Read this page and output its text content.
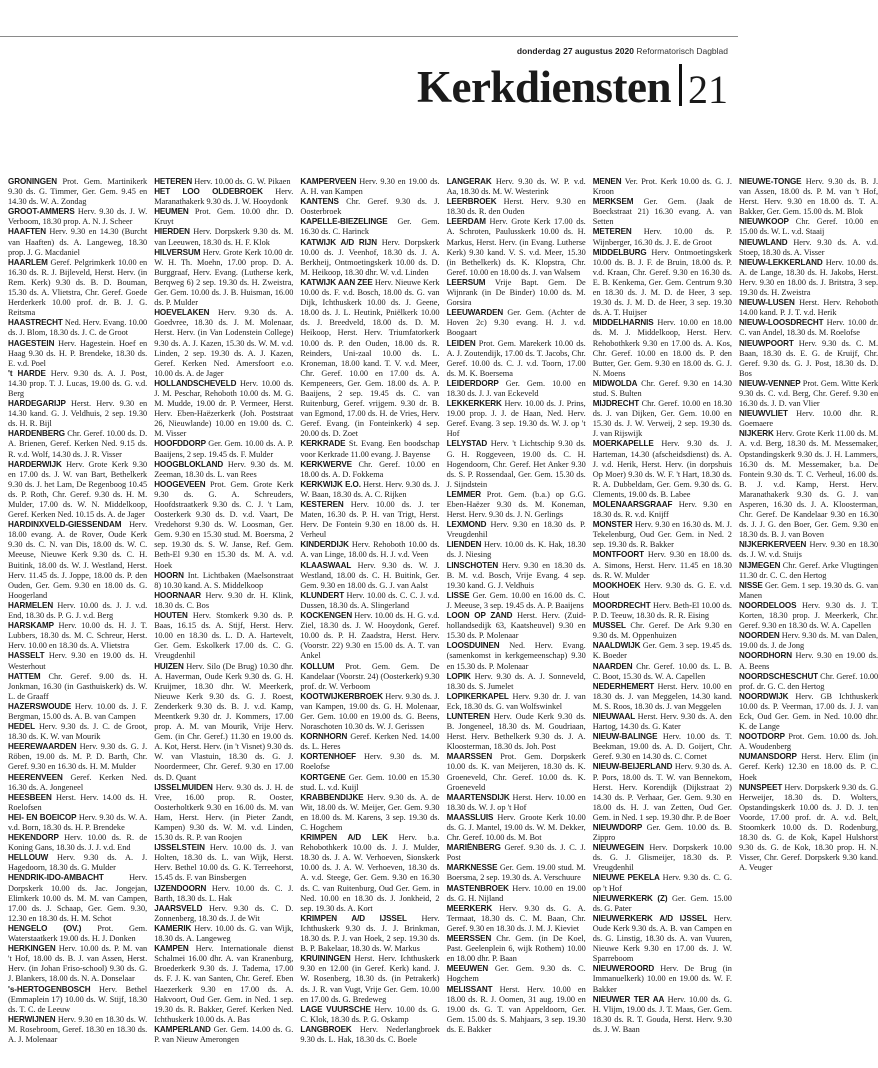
donderdag 27 augustus 2020 Reformatorisch Dagblad
Kerkdiensten 21

GRONINGEN Prot. Gem. Martinikerk 9.30 ds. G. Timmer, Ger. Gem. 9.45 en 14.30 ds. W. A. Zondag

GROOT-AMMERS Herv. 9.30 ds. J. W. Verboom, 18.30 prop. A. N. J. Scheer

HAAFTEN Herv. 9.30 en 14.30 (Burcht van Haaften) ds. A. Langeweg, 18.30 prop. J. G. Macdaniel

HAARLEM Geref. Pelgrimkerk 10.00 en 16.30 ds. R. J. Bijleveld, Herst. Herv. (in Rem. Kerk) 9.30 ds. B. D. Bouman, 15.30 ds. A. Vlietstra, Chr. Geref. Goede Herderkerk 10.00 prof. dr. B. J. G. Reitsma

HAASTRECHT Ned. Herv. Evang. 10.00 ds. J. Blom, 18.30 ds. J. C. de Groot

HAGESTEIN Herv. Hagestein. Hoef en Haag 9.30 ds. H. P. Brendeke, 18.30 ds. E. v.d. Poel

't HARDE Herv. 9.30 ds. A. J. Post, 14.30 prop. T. J. Lucas, 19.00 ds. G. v.d. Berg

HARDEGARIJP Herst. Herv. 9.30 en 14.30 kand. G. J. Veldhuis, 2 sep. 19.30 ds. H. R. Bijl

HARDENBERG Chr. Geref. 10.00 ds. D. A. Brienen, Geref. Kerken Ned. 9.15 ds. R. v.d. Wolf, 14.30 ds. J. R. Visser

HARDERWIJK Herv. Grote Kerk 9.30 en 17.00 ds. J. W. van Bart, Bethelkerk 9.30 ds. J. het Lam, De Regenboog 10.45 ds. P. Roth, Chr. Geref. 9.30 ds. H. M. Mulder, 17.00 ds. W. N. Middelkoop, Geref. Kerken Ned. 10.15 ds. A. de Jager

HARDINXVELD-GIESSENDAM Herv. 18.00 evang. A. de Rover, Oude Kerk 9.30 ds. C. N. van Dis, 18.00 ds. W. C. Meeuse, Nieuwe Kerk 9.30 ds. C. H. Buitink, 18.00 ds. W. J. Westland, Herst. Herv. 11.45 ds. J. Joppe, 18.00 ds. P. den Ouden, Ger. Gem. 9.30 en 18.00 ds. G. Hoogerland

HARMELEN Herv. 10.00 ds. J. J. v.d. End, 18.30 ds. P. G. J. v.d. Berg

HARSKAMP Herv. 10.00 ds. H. J. T. Lubbers, 18.30 ds. M. C. Schreur, Herst. Herv. 10.00 en 18.30 ds. A. Vlietstra

HASSELT Herv. 9.30 en 19.00 ds. H. Westerhout

HATTEM Chr. Geref. 9.00 ds. H. Jonkman, 16.30 (in Gasthuiskerk) ds. W. L. de Graaff

HAZERSWOUDE Herv. 10.00 ds. J. F. Bergman, 15.00 ds. A. B. van Campen

HEDEL Herv. 9.30 ds. J. C. de Groot, 18.30 ds. K. W. van Mourik

HEEREWAARDEN Herv. 9.30 ds. G. J. Röben, 19.00 ds. M. P. D. Barth, Chr. Geref. 9.30 en 16.30 ds. H. M. Mulder

HEERENVEEN Geref. Kerken Ned. 16.30 ds. A. Jongeneel

HEESBEEN Herst. Herv. 14.00 ds. H. Roelofsen

HEI- EN BOEICOP Herv. 9.30 ds. W. A. v.d. Born, 18.30 ds. H. P. Brendeke

HEKENDORP Herv. 10.00 ds. R. de Koning Gans, 18.30 ds. J. J. v.d. End

HELLOUW Herv. 9.30 ds. A. J. Hagedoorn, 18.30 ds. G. Mulder

HENDRIK-IDO-AMBACHT	Herv. Dorpskerk 10.00 ds. Jac. Jongejan, Elimkerk 10.00 ds. M. M. van Campen, 17.00 ds. J. Schaap, Ger. Gem. 9.30, 12.30 en 18.30 ds. H. M. Schot

HENGELO (OV.) Prot. Gem. Waterstaatkerk 19.00 ds. H. J. Donken

HERKINGEN Herv. 10.00 ds. P. M. van 't Hof, 18.00 ds. B. J. van Assen, Herst. Herv. (in Johan Friso-school) 9.30 ds. G. J. Blankers, 18.00 ds. N. A. Donselaar

's-HERTOGENBOSCH Herv. Bethel (Emmaplein 17) 10.00 ds. W. Stijf, 18.30 ds. T. C. de Leeuw

HERWIJNEN Herv. 9.30 en 18.30 ds. W. M. Rosebroom, Geref. 18.30 en 18.30 ds. A. J. Molenaar

HETEREN Herv. 10.00 ds. G. W. Pikaen

HET LOO OLDEBROEK Herv. Maranathakerk 9.30 ds. J. W. Hooydonk

HEUMEN Prot. Gem. 10.00 dhr. D. Kruyt

HIERDEN Herv. Dorpskerk 9.30 ds. M. van Leeuwen, 18.30 ds. H. F. Klok

HILVERSUM Herv. Grote Kerk 10.00 dr. W. H. Th. Moehn, 17.00 prop. D. A. Burggraaf, Herv. Evang. (Lutherse kerk, Berqweg 6) 2 sep. 19.30 ds. H. Zweistra, Ger. Gem. 10.00 ds. J. B. Huisman, 16.00 ds. P. Mulder

HOEVELAKEN Herv. 9.30 ds. A. Goedvree, 18.30 ds. J. M. Molenaar, Herst. Herv. (in Van Lodenstein College) 9.30 ds. A. J. Kazen, 15.30 ds. W. M. v.d. Linden, 2 sep. 19.30 ds. A. J. Kazen, Geref. Kerken Ned. Amersfoort e.o. 10.00 ds. A. de Jager

HOLLANDSCHEVELD Herv. 10.00 ds. J. M. Peschar, Rehoboth 10.00 ds. M. G. M. Mudde, 19.00 dr. P. Vermeer, Herst. Herv. Eben-Haëzerkerk (Joh. Poststraat 26, Nieuwlande) 10.00 en 19.00 ds. C. M. Visser

HOOFDDORP Ger. Gem. 10.00 ds. A. P. Baaijens, 2 sep. 19.45 ds. F. Mulder

HOOGBLOKLAND Herv. 9.30 ds. M. Zeeman, 18.30 ds. L. van Rees

HOOGEVEEN Prot. Gem. Grote Kerk 9.30 ds. G. A. Schreuders, Hoofdstraatkerk 9.30 ds. C. J. 't Lam, Oosterkerk 9.30 ds. D. v.d. Vaart, De Vredehorst 9.30 ds. W. Loosman, Ger. Gem. 9.30 en 15.30 stud. M. Boersma, 2 sep. 19.30 ds. S. W. Janse, Ref. Gem. Beth-El 9.30 en 15.30 ds. M. A. v.d. Hoek

HOORN Int. Lichtbaken (Maelsonstraat 8) 10.30 kand. A. S. Middelkoop

HOORNAAR Herv. 9.30 dr. H. Klink, 18.30 ds. C. Bos

HOUTEN Herv. Stomkerk 9.30 ds. P. Baas, 16.15 ds. A. Stijf, Herst. Herv. 10.00 en 18.30 ds. L. D. A. Hartevelt, Ger. Gem. Eskolkerk 17.00 ds. C. G. Vreugdenhil

HUIZEN Herv. Silo (De Brug) 10.30 dhr. A. Haverman, Oude Kerk 9.30 ds. G. H. Kruijmer, 18.30 dhr. W. Meerkerk, Nieuwe Kerk 9.30 ds. G. J. Roest, Zenderkerk 9.30 ds. B. J. v.d. Kamp, Meentkerk 9.30 dr. J. Kommers, 17.00 prop. A. M. van Mourik, Vrije Herv. Gem. (in Chr. Geref.) 11.30 en 19.00 ds. A. Kot, Herst. Herv. (in 't Visnet) 9.30 ds. W. van Vlastuin, 18.30 ds. G. J. Noordermeer, Chr. Geref. 9.30 en 17.00 ds. D. Quant

IJSSELMUIDEN Herv. 9.30 ds. J. H. de Vree, 16.00 prop. R. Ooster, Oosterholtkerk 9.30 en 16.00 ds. M. van Ham, Herst. Herv. (in Pieter Zandt, Kampen) 9.30 ds. W. M. v.d. Linden, 15.30 ds. R. P. van Roojen

IJSSELSTEIN Herv. 10.00 ds. J. van Holten, 18.30 ds. L. van Wijk, Herst. Herv. Bethel 10.00 ds. G. K. Terreehorst, 15.45 ds. F. van Binsbergen

IJZENDOORN Herv. 10.00 ds. C. J. Barth, 18.30 ds. L. Hak

JAARSVELD Herv. 9.30 ds. C. D. Zonnenberg, 18.30 ds. J. de Wit

KAMERIK Herv. 10.00 ds. G. van Wijk, 18.30 ds. A. Langeweg

KAMPEN Herv. Internationale dienst Schalmei 16.00 dhr. A. van Kranenburg, Broederkerk 9.30 ds. J. Tadema, 17.00 ds. F. J. K. van Santen, Chr. Geref. Eben Haezerkerk 9.30 en 17.00 ds. A. Hakvoort, Oud Ger. Gem. in Ned. 1 sep. 19.30 ds. R. Bakker, Geref. Kerken Ned. Ichthuskerk 10.00 ds. A. Bas

KAMPERLAND Ger. Gem. 14.00 ds. G. P. van Nieuw Amerongen

KAMPERVEEN Herv. 9.30 en 19.00 ds. A. H. van Kampen

KANTENS Chr. Geref. 9.30 ds. J. Oosterbroek

KAPELLE-BIEZELINGE Ger. Gem. 16.30 ds. C. Harinck

KATWIJK A/D RIJN Herv. Dorpskerk 10.00 ds. J. Veenhof, 18.30 ds. J. A. Berkheij, Ontmoetingskerk 10.00 ds. D. M. Heikoop, 18.30 dhr. W. v.d. Linden

KATWIJK AAN ZEE Herv. Nieuwe Kerk 10.00 ds. F. v.d. Bosch, 18.00 ds. G. van Dijk, Ichthuskerk 10.00 ds. J. Geene, 18.00 ds. J. L. Heutink, Pniëlkerk 10.00 ds. J. Breedveld, 18.00 ds. D. M. Heikoop, Herst. Herv. Triumfatorkerk 10.00 ds. P. den Ouden, 18.00 ds. R. Reinders, Uni-zaal 10.00 ds. L. Kroneman, 18.00 kand. T. V. v.d. Meer, Chr. Geref. 10.00 en 17.00 ds. A. Kempeneers, Ger. Gem. 18.00 ds. A. P. Baaijens, 2 sep. 19.45 ds. C. van Ruitenburg, Geref. vrijgem. 9.30 dr. B. van Egmond, 17.00 ds. H. de Vries, Herv. Geref. Evang. (in Fonteinkerk) 4 sep. 20.00 ds. D. Zoet

KERKRADE St. Evang. Een boodschap voor Kerkrade 11.00 evang. J. Bayense

KERKWERVE Chr. Geref. 10.00 en 18.00 ds. A. D. Fokkema

KERKWIJK E.O. Herst. Herv. 9.30 ds. J. W. Baan, 18.30 ds. A. C. Rijken

KESTEREN Herv. 10.00 ds. J. ter Maten, 16.30 ds. P. H. van Trigt, Herst. Herv. De Fontein 9.30 en 18.00 ds. H. Verheul

KINDERDIJK Herv. Rehoboth 10.00 ds. A. van Linge, 18.00 ds. H. J. v.d. Veen

KLAASWAAL Herv. 9.30 ds. W. J. Westland, 18.00 ds. C. H. Buitink, Ger. Gem. 9.30 en 18.00 ds. G. J. van Aalst

KLUNDERT Herv. 10.00 ds. C. C. J. v.d. Dussen, 18.30 ds. A. Slingerland

KOCKENGEN Herv. 10.00 ds. H. G. v.d. Ziel, 18.30 ds. J. W. Hooydonk, Geref. 10.00 ds. P. H. Zaadstra, Herst. Herv. (Voorstr. 22) 9.30 en 15.00 ds. A. T. van Ankel

KOLLUM Prot. Gem. Gem. De Kandelaar (Voorstr. 24) (Oosterkerk) 9.30 prof. dr. W. Verboom

KOOTWIJKERBROEK Herv. 9.30 ds. J. van Kampen, 19.00 ds. G. H. Molenaar, Ger. Gem. 10.00 en 19.00 ds. G. Beens, Noraschoten 10.30 ds. W. J. Gerissen

KORNHORN Geref. Kerken Ned. 14.00 ds. L. Heres

KORTENHOEF Herv. 9.30 ds. M. Roelofse

KORTGENE Ger. Gem. 10.00 en 15.30 stud. L. v.d. Kuijl

KRABBENDIJKE Herv. 9.30 ds. A. de Wit, 18.00 ds. W. Meijer, Ger. Gem. 9.30 en 18.00 ds. M. Karens, 3 sep. 19.30 ds. C. Hogchem

KRIMPEN A/D LEK Herv. b.a. Rehobothkerk 10.00 ds. J. J. Mulder, 18.30 ds. J. A. W. Verhoeven, Sionskerk 10.00 ds. J. A. W. Verhoeven, 18.30 ds. A. v.d. Steege, Ger. Gem. 9.30 en 16.30 ds. C. van Ruitenburg, Oud Ger. Gem. in Ned. 10.00 en 18.30 ds. J. Jonkheid, 2 sep. 19.30 ds. A. Kort

KRIMPEN A/D IJSSEL Herv. Ichthuskerk 9.30 ds. J. J. Brinkman, 18.30 ds. P. J. van Hoek, 2 sep. 19.30 ds. B. P. Bakelaar, 18.30 ds. W. Markus

KRUININGEN Herst. Herv. Ichthuskerk 9.30 en 12.00 (in Geref. Kerk) kand. J. W. Rosenberg, 18.30 ds. (in Petrakerk) ds. J. R. van Vugt, Vrije Ger. Gem. 10.00 en 17.00 ds. G. Bredeweg

LAGE VUURSCHE Herv. 10.00 ds. G. C. Klok, 18.30 ds. P. G. Oskamp

LANGBROEK Herv. Nederlangbroek 9.30 ds. L. Hak, 18.30 ds. C. Boele

LANGERAK Herv. 9.30 ds. W. P. v.d. Aa, 18.30 ds. M. W. Westerink

LEERBROEK Herst. Herv. 9.30 en 18.30 ds. R. den Ouden

LEERDAM Herv. Grote Kerk 17.00 ds. A. Schroten, Paulusskerk 10.00 ds. H. Markus, Herst. Herv. (in Evang. Lutherse Kerk) 9.30 kand. V. S. v.d. Meer, 15.30 (in Bethelkerk) ds. K. Klopstra, Chr. Geref. 10.00 en 18.00 ds. J. van Walsem

LEERSUM Vrije Bapt. Gem. De Wijnrank (in De Binder) 10.00 ds. M. Gorsira

LEEUWARDEN Ger. Gem. (Achter de Hoven 2c) 9.30 evang. H. J. v.d. Boogaart

LEIDEN Prot. Gem. Marekerk 10.00 ds. A. J. Zoutendijk, 17.00 ds. T. Jacobs, Chr. Geref. 10.00 ds. C. J. v.d. Toorn, 17.00 ds. M. K. Boersema

LEIDERDORP Ger. Gem. 10.00 en 18.30 ds. J. J. van Eckeveld

LEKKERKERK Herv. 10.00 ds. J. Prins, 19.00 prop. J. J. de Haan, Ned. Herv. Geref. Evang. 3 sep. 19.30 ds. W. J. op 't Hof

LELYSTAD Herv. 't Lichtschip 9.30 ds. G. H. Roggeveen, 19.00 ds. C. H. Hogendoorn, Chr. Geref. Het Anker 9.30 ds. S. P. Rossendaal, Ger. Gem. 15.30 ds. J. Sijndstein

LEMMER Prot. Gem. (b.a.) op G.G. Eben-Haëzer 9.30 ds. M. Koneman, Herst. Herv. 9.30 ds. J. N. Gerlings

LEXMOND Herv. 9.30 en 18.30 ds. P. Vreugdenhil

LIENDEN Herv. 10.00 ds. K. Hak, 18.30 ds. J. Niesing

LINSCHOTEN Herv. 9.30 en 18.30 ds. B. M. v.d. Bosch, Vrije Evang. 4 sep. 19.30 kand. G. J. Veldhuis

LISSE Ger. Gem. 10.00 en 16.00 ds. C. J. Meeuse, 3 sep. 19.45 ds. A. P. Baaijens

LOON OP ZAND Herst. Herv. (Zuid-hollandsedijk 63, Kaatsheuvel) 9.30 en 15.30 ds. P. Molenaar

LOOSDUINEN Ned. Herv. Evang. (samenkomst in kerkgemeenschap) 9.30 en 15.30 ds. P. Molenaar

LOPIK Herv. 9.30 ds. A. J. Sonneveld, 18.30 ds. S. Jumelet

LOPIKERKAPEL Herv. 9.30 dr. J. van Eck, 18.30 ds. G. van Wolfswinkel

LUNTEREN Herv. Oude Kerk 9.30 ds. B. Jongeneel, 18.30 ds. M. Goudriaan, Herst. Herv. Bethelkerk 9.30 ds. J. A. Kloosterman, 18.30 ds. Joh. Post

MAARSSEN Prot. Gem. Dorpskerk 10.00 ds. K. van Meijeren, 18.30 ds. K. Groeneveld, Chr. Geref. 10.00 ds. K. Groeneveld

MAARTENSDIJK Herst. Herv. 10.00 en 18.30 ds. W. J. op 't Hof

MAASSLUIS Herv. Groote Kerk 10.00 ds. G. J. Mantel, 19.00 ds. W. M. Dekker, Chr. Geref. 10.00 ds. M. Bot

MARIËNBERG Geref. 9.30 ds. J. C. J. Post

MARKNESSE Ger. Gem. 19.00 stud. M. Boersma, 2 sep. 19.30 ds. A. Verschuure

MASTENBROEK Herv. 10.00 en 19.00 ds. G. H. Nijland

MEERKERK Herv. 9.30 ds. G. A. Termaat, 18.30 ds. C. M. Baan, Chr. Geref. 9.30 en 18.30 ds. J. M. J. Kieviet

MEERSSEN Chr. Gem. (in De Koel, Past. Geelenplein 6, wijk Rothem) 10.00 en 18.00 dhr. P. Baan

MEEUWEN Ger. Gem. 9.30 ds. C. Hogchem

MELISSANT Herst. Herv. 10.00 en 18.00 ds. R. J. Oomen, 31 aug. 19.00 en 19.00 ds. G. T. van Appeldoorn, Ger. Gem. 15.00 ds. S. Mahjaars, 3 sep. 19.30 ds. E. Bakker

MENEN Ver. Prot. Kerk 10.00 ds. G. J. Kroon

MERKSEM Ger. Gem. (Jaak de Boeckstraat 21) 16.30 evang. A. van Setten

METEREN Herv. 10.00 ds. P. Wijnberger, 16.30 ds. J. E. de Groot

MIDDELBURG Herv. Ontmoetingskerk 10.00 ds. B. J. F. de Bruin, 18.00 ds. P. v.d. Kraan, Chr. Geref. 9.30 en 16.30 ds. E. B. Kenkema, Ger. Gem. Centrum 9.30 en 18.30 ds. J. M. D. de Heer, 3 sep. 19.30 ds. J. M. D. de Heer, 3 sep. 19.30 ds. A. T. Huijser

MIDDELHARNIS Herv. 10.00 en 18.00 ds. M. J. Middelkoop, Herst. Herv. Rehobothkerk 9.30 en 17.00 ds. A. Kos, Chr. Geref. 10.00 en 18.00 ds. P. den Butter, Ger. Gem. 9.30 en 18.00 ds. G. J. N. Moens

MIDWOLDA Chr. Geref. 9.30 en 14.30 stud. S. Bulten

MIJDRECHT Chr. Geref. 10.00 en 18.30 ds. J. van Dijken, Ger. Gem. 10.00 en 15.30 ds. J. W. Verweij, 2 sep. 19.30 ds. J. van Rijswijk

MOERKAPELLE Herv. 9.30 ds. J. Harteman, 14.30 (afscheidsdienst) ds. A. J. v.d. Herik, Herst. Herv. (in dorpshuis Op Moer) 9.30 ds. W. F. 't Hart, 18.30 ds. R. A. Dubbeldam, Ger. Gem. 9.30 ds. G. Clements, 19.00 ds. B. Labee

MOLENAARSGRAAF Herv. 9.30 en 18.30 ds. R. v.d. Knijff

MONSTER Herv. 9.30 en 16.30 ds. M. J. Tekelenburg, Oud Ger. Gem. in Ned. 2 sep. 19.30 ds. R. Bakker

MONTFOORT Herv. 9.30 en 18.00 ds. A. Simons, Herst. Herv. 11.45 en 18.30 ds. R. W. Mulder

MOOKHOEK Herv. 9.30 ds. G. E. v.d. Hout

MOORDRECHT Herv. Beth-El 10.00 ds. P. D. Teeuw, 18.30 ds. R. R. Eising

MUSSEL Chr. Geref. De Ark 9.30 en 9.30 ds. M. Oppenhuizen

NAALDWIJK Ger. Gem. 3 sep. 19.45 ds. K. Boeder

NAARDEN Chr. Geref. 10.00 ds. L. B. C. Boot, 15.30 ds. W. A. Capellen

NEDERHEMERT Herst. Herv. 10.00 en 18.30 ds. J. van Meggelen, 14.30 kand. M. S. Roos, 18.30 ds. J. van Meggelen

NIEUWAAL Herst. Herv. 9.30 ds. A. den Hartog, 14.30 ds. G. Kater

NIEUW-BALINGE Herv. 10.00 ds. T. Beekman, 19.00 ds. A. D. Goijert, Chr. Geref. 9.30 en 14.30 ds. C. Cornet

NIEUW-BEIJERLAND Herv. 9.30 ds. A. P. Pors, 18.00 ds. T. W. van Bennekom, Herst. Herv. Korendijk (Dijkstraat 2) 14.30 ds. P. Verhaar, Ger. Gem. 9.30 en 18.00 ds. H. J. van Zetten, Oud Ger. Gem. in Ned. 1 sep. 19.30 dhr. P. de Boer

NIEUWDORP Ger. Gem. 10.00 ds. B. Zippro

NIEUWEGEIN Herv. Dorpskerk 10.00 ds. G. J. Glismeijer, 18.30 ds. P. Vreugdenhil

NIEUWE PEKELA Herv. 9.30 ds. C. G. op 't Hof

NIEUWERKERK (Z) Ger. Gem. 15.00 ds. G. Pater

NIEUWERKERK A/D IJSSEL Herv. Oude Kerk 9.30 ds. A. B. van Campen en ds. G. Linstig, 18.30 ds. A. van Vuuren, Nieuwe Kerk 9.30 en 17.00 ds. J. W. Sparreboom

NIEUWEROORD Herv. De Brug (in Immanuelkerk) 10.00 en 19.00 ds. W. F. Bakker

NIEUWER TER AA Herv. 10.00 ds. G. H. Vlijm, 19.00 ds. J. T. Maas, Ger. Gem. 18.30 ds. R. T. Gouda, Herst. Herv. 9.30 ds. J. W. Baan

NIEUWE-TONGE Herv. 9.30 ds. B. J. van Assen, 18.00 ds. P. M. van 't Hof, Herst. Herv. 9.30 en 18.00 ds. T. A. Bakker, Ger. Gem. 15.00 ds. M. Blok

NIEUWKOOP Chr. Geref. 10.00 en 15.00 ds. W. L. v.d. Staaij

NIEUWLAND Herv. 9.30 ds. A. v.d. Stoep, 18.30 ds. A. Visser

NIEUW-LEKKERLAND Herv. 10.00 ds. A. de Lange, 18.30 ds. H. Jakobs, Herst. Herv. 9.30 en 18.00 ds. J. Britstra, 3 sep. 19.30 ds. H. Zweistra

NIEUW-LUSEN Herst. Herv. Rehoboth 14.00 kand. P. J. T. v.d. Herik

NIEUW-LOOSDRECHT Herv. 10.00 dr. C. van Andel, 18.30 ds. M. Roelofse

NIEUWPOORT Herv. 9.30 ds. C. M. Baan, 18.30 ds. E. G. de Kruijf, Chr. Geref. 9.30 ds. G. J. Post, 18.30 ds. D. Bos

NIEUW-VENNEP Prot. Gem. Witte Kerk 9.30 ds. C. v.d. Berg, Chr. Geref. 9.30 en 16.30 ds. J. D. van Vlier

NIEUWVLIET Herv. 10.00 dhr. R. Goemaere

NIJKERK Herv. Grote Kerk 11.00 ds. M. A. v.d. Berg, 18.30 ds. M. Messemaker, Opstandingskerk 9.30 ds. J. H. Lammers, 16.30 ds. M. Messemaker, b.a. De Fontein 9.30 ds. T. C. Verheul, 16.00 ds. B. J. v.d. Kamp, Herst. Herv. Maranathakerk 9.30 ds. G. J. van Asperen, 16.30 ds. J. A. Kloosterman, Chr. Geref. De Kandelaar 9.30 en 16.30 ds. J. J. G. den Boer, Ger. Gem. 9.30 en 18.30 ds. B. J. van Boven

NIJKERKERVEEN Herv. 9.30 en 18.30 ds. J. W. v.d. Stuijs

NIJMEGEN Chr. Geref. Arke Vlugtingen 11.30 dr. C. C. den Hertog

NISSE Ger. Gem. 1 sep. 19.30 ds. G. van Manen

NOORDELOOS Herv. 9.30 ds. J. T. Korten, 18.30 prop. J. Meerkerk, Chr. Geref. 9.30 en 18.30 ds. W. A. Capellen

NOORDEN Herv. 9.30 ds. M. van Dalen, 19.00 ds. J. de Jong

NOORDHORN Herv. 9.30 en 19.00 ds. A. Beens

NOORDSCHESCHUT Chr. Geref. 10.00 prof. dr. G. C. den Hertog

NOORDWIJK Herv. GB Ichthuskerk 10.00 ds. P. Veerman, 17.00 ds. J. J. van Eck, Oud Ger. Gem. in Ned. 10.00 dhr. K. de Lange

NOOTDORP Prot. Gem. 10.00 ds. Joh. A. Woudenberg

NUMANSDORP Herst. Herv. Elim (in Geref. Kerk) 12.30 en 18.00 ds. P. C. Hoek

NUNSPEET Herv. Dorpskerk 9.30 ds. G. Herweijer, 18.30 ds. D. Wolters, Opstandingskerk 10.00 ds. J. D. J. ten Voorde, 17.00 prof. dr. A. v.d. Belt, Stoomkerk 10.00 ds. D. Rodenburg, 18.30 ds. G. de Kok, Kapel Hulshorst 9.30 ds. G. de Kok, 18.30 prop. H. N. Visser, Chr. Geref. Dorpskerk 9.30 kand. A. Veuger
